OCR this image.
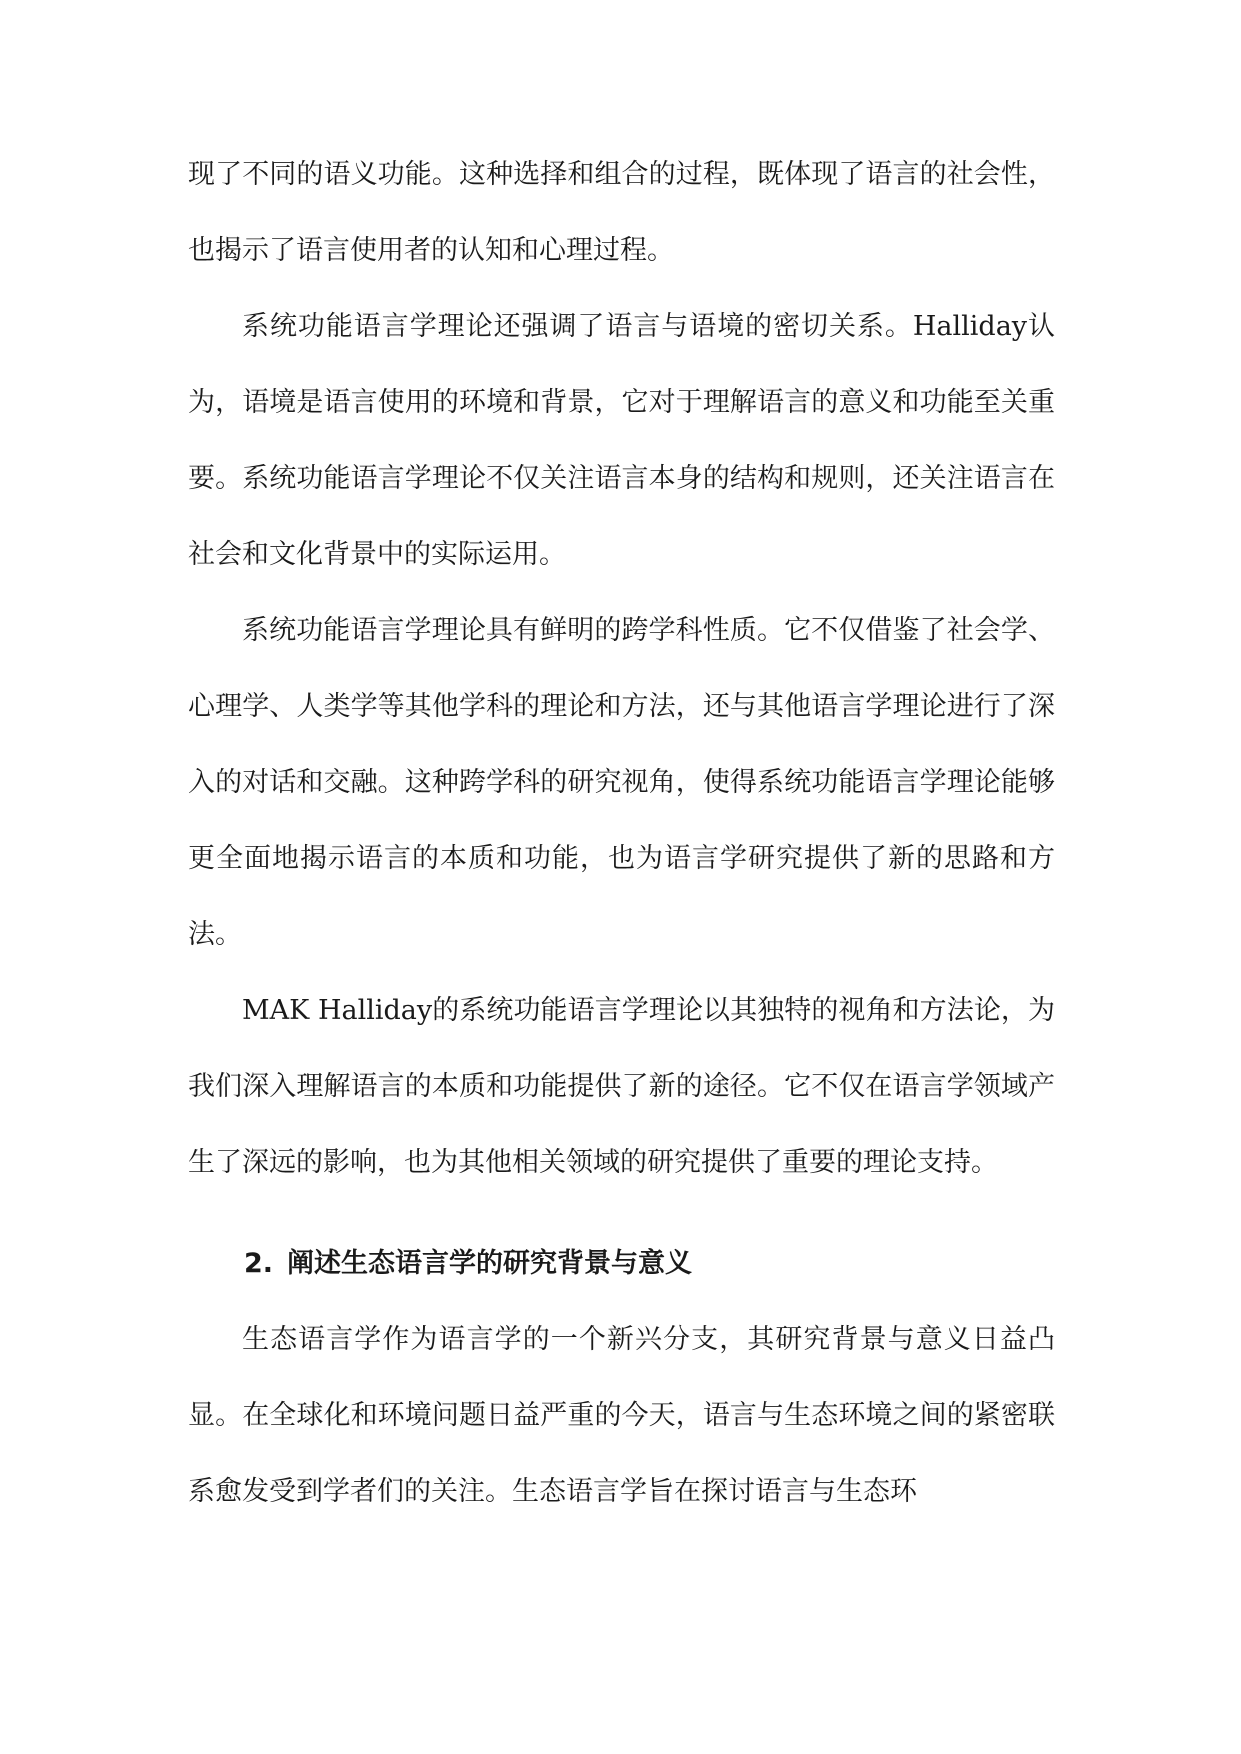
现了不同的语义功能。这种选择和组合的过程，既体现了语言的社会性，也揭示了语言使用者的认知和心理过程。

系统功能语言学理论还强调了语言与语境的密切关系。Halliday认为，语境是语言使用的环境和背景，它对于理解语言的意义和功能至关重要。系统功能语言学理论不仅关注语言本身的结构和规则，还关注语言在社会和文化背景中的实际运用。

系统功能语言学理论具有鲜明的跨学科性质。它不仅借鉴了社会学、心理学、人类学等其他学科的理论和方法，还与其他语言学理论进行了深入的对话和交融。这种跨学科的研究视角，使得系统功能语言学理论能够更全面地揭示语言的本质和功能，也为语言学研究提供了新的思路和方法。

MAK Halliday的系统功能语言学理论以其独特的视角和方法论，为我们深入理解语言的本质和功能提供了新的途径。它不仅在语言学领域产生了深远的影响，也为其他相关领域的研究提供了重要的理论支持。

2. 阐述生态语言学的研究背景与意义

生态语言学作为语言学的一个新兴分支，其研究背景与意义日益凸显。在全球化和环境问题日益严重的今天，语言与生态环境之间的紧密联系愈发受到学者们的关注。生态语言学旨在探讨语言与生态环
